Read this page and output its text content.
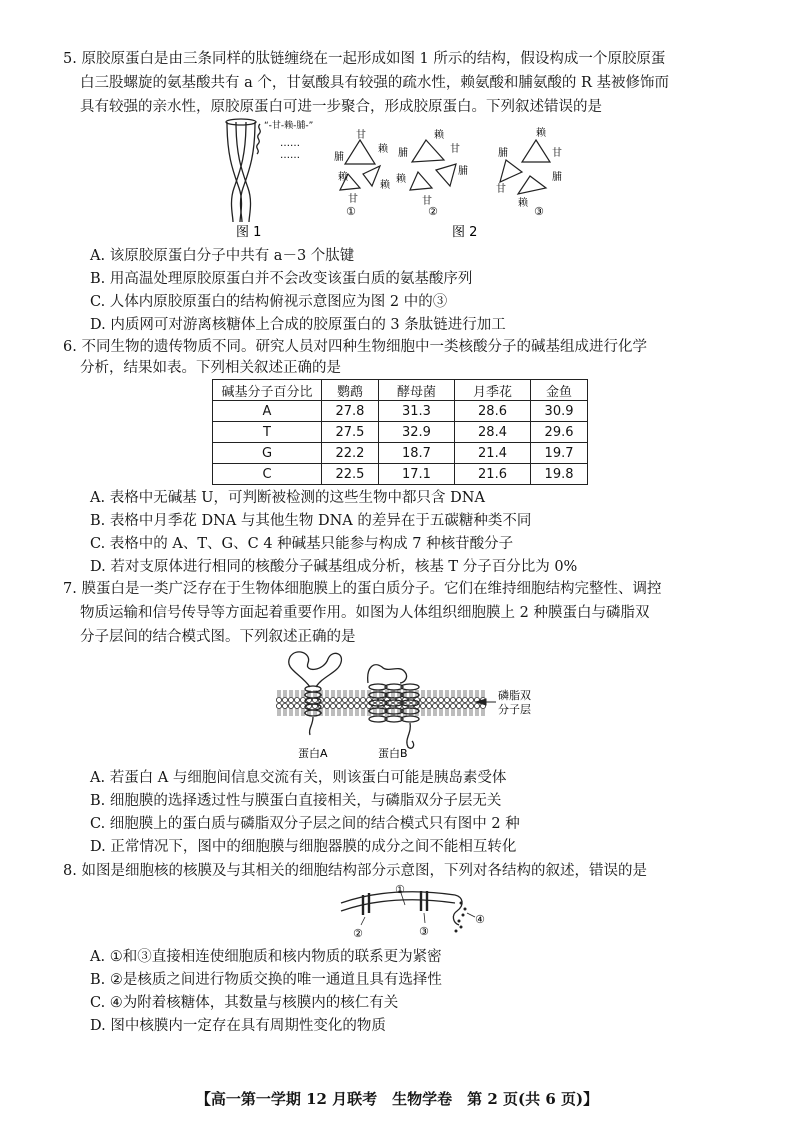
5. 原胶原蛋白是由三条同样的肽链缠绕在一起形成如图 1 所示的结构，假设构成一个原胶原蛋
白三股螺旋的氨基酸共有 a 个，甘氨酸具有较强的疏水性，赖氨酸和脯氨酸的 R 基被修饰而
具有较强的亲水性，原胶原蛋白可进一步聚合，形成胶原蛋白。下列叙述错误的是
“-甘-赖-脯-”
……
……
图 1
甘
赖
脯
甘
赖
赖
①
赖
甘
脯
脯
甘
赖
②
赖
甘
脯
脯
赖
甘
③
图 2
A. 该原胶原蛋白分子中共有 a－3 个肽键
B. 用高温处理原胶原蛋白并不会改变该蛋白质的氨基酸序列
C. 人体内原胶原蛋白的结构俯视示意图应为图 2 中的③
D. 内质网可对游离核糖体上合成的胶原蛋白的 3 条肽链进行加工
6. 不同生物的遗传物质不同。研究人员对四种生物细胞中一类核酸分子的碱基组成进行化学
分析，结果如表。下列相关叙述正确的是
碱基分子百分比	鹦鹉	酵母菌	月季花	金鱼
A	27.8	31.3	28.6	30.9
T	27.5	32.9	28.4	29.6
G	22.2	18.7	21.4	19.7
C	22.5	17.1	21.6	19.8
A. 表格中无碱基 U，可判断被检测的这些生物中都只含 DNA
B. 表格中月季花 DNA 与其他生物 DNA 的差异在于五碳糖种类不同
C. 表格中的 A、T、G、C 4 种碱基只能参与构成 7 种核苷酸分子
D. 若对支原体进行相同的核酸分子碱基组成分析，核基 T 分子百分比为 0%
7. 膜蛋白是一类广泛存在于生物体细胞膜上的蛋白质分子。它们在维持细胞结构完整性、调控
物质运输和信号传导等方面起着重要作用。如图为人体组织细胞膜上 2 种膜蛋白与磷脂双
分子层间的结合模式图。下列叙述正确的是
磷脂双
分子层
蛋白A	蛋白B
A. 若蛋白 A 与细胞间信息交流有关，则该蛋白可能是胰岛素受体
B. 细胞膜的选择透过性与膜蛋白直接相关，与磷脂双分子层无关
C. 细胞膜上的蛋白质与磷脂双分子层之间的结合模式只有图中 2 种
D. 正常情况下，图中的细胞膜与细胞器膜的成分之间不能相互转化
8. 如图是细胞核的核膜及与其相关的细胞结构部分示意图，下列对各结构的叙述，错误的是
①
②	③
④
A. ①和③直接相连使细胞质和核内物质的联系更为紧密
B. ②是核质之间进行物质交换的唯一通道且具有选择性
C. ④为附着核糖体，其数量与核膜内的核仁有关
D. 图中核膜内一定存在具有周期性变化的物质
【高一第一学期 12 月联考　生物学卷　第 2 页(共 6 页)】
